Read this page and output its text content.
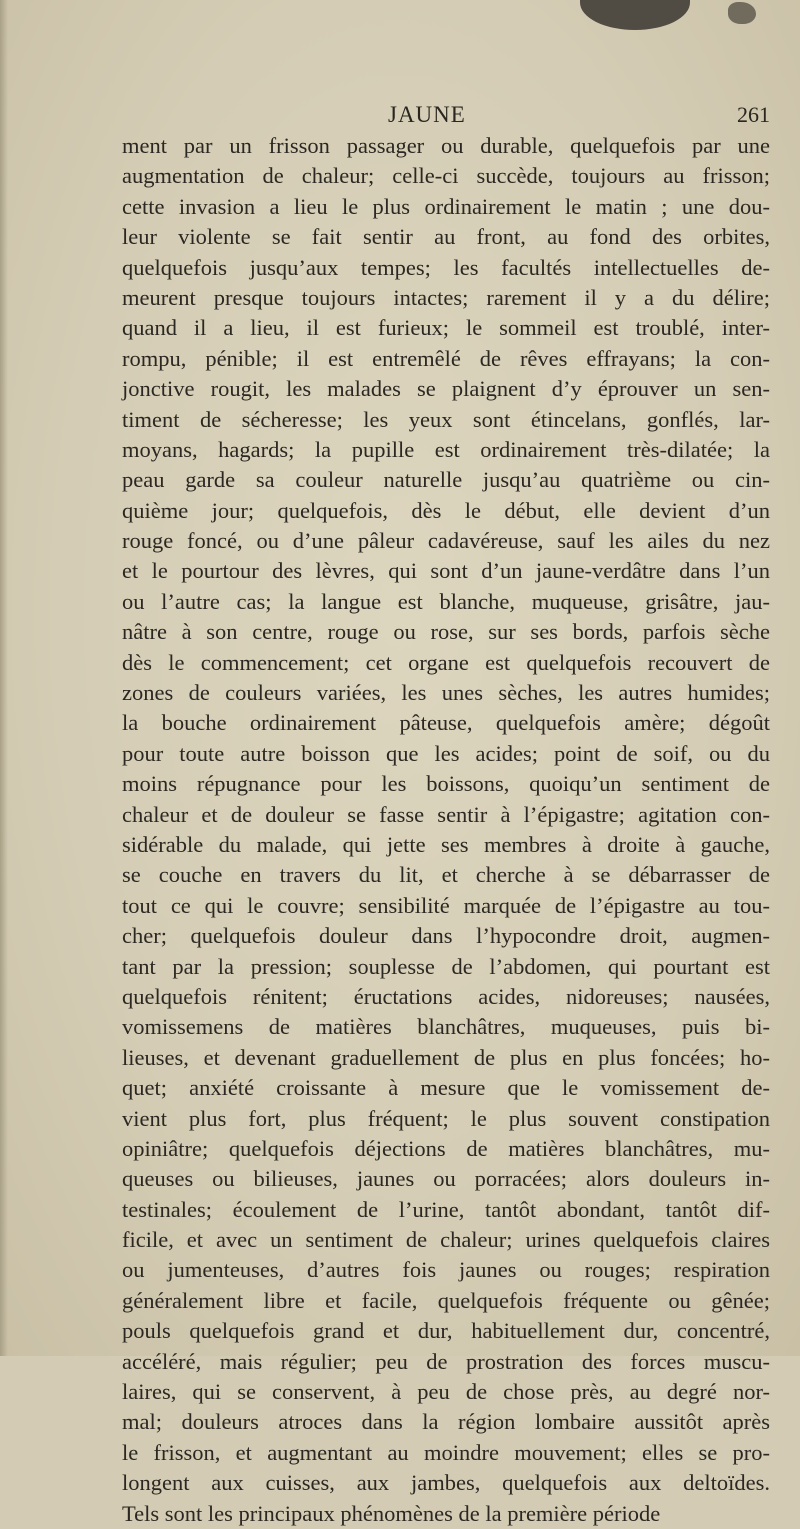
JAUNE	261
ment par un frisson passager ou durable, quelquefois par une
augmentation de chaleur; celle-ci succède, toujours au frisson;
cette invasion a lieu le plus ordinairement le matin ; une dou-
leur violente se fait sentir au front, au fond des orbites,
quelquefois jusqu’aux tempes; les facultés intellectuelles de-
meurent presque toujours intactes; rarement il y a du délire;
quand il a lieu, il est furieux; le sommeil est troublé, inter-
rompu, pénible; il est entremêlé de rêves effrayans; la con-
jonctive rougit, les malades se plaignent d’y éprouver un sen-
timent de sécheresse; les yeux sont étincelans, gonflés, lar-
moyans, hagards; la pupille est ordinairement très-dilatée; la
peau garde sa couleur naturelle jusqu’au quatrième ou cin-
quième jour; quelquefois, dès le début, elle devient d’un
rouge foncé, ou d’une pâleur cadavéreuse, sauf les ailes du nez
et le pourtour des lèvres, qui sont d’un jaune-verdâtre dans l’un
ou l’autre cas; la langue est blanche, muqueuse, grisâtre, jau-
nâtre à son centre, rouge ou rose, sur ses bords, parfois sèche
dès le commencement; cet organe est quelquefois recouvert de
zones de couleurs variées, les unes sèches, les autres humides;
la bouche ordinairement pâteuse, quelquefois amère; dégoût
pour toute autre boisson que les acides; point de soif, ou du
moins répugnance pour les boissons, quoiqu’un sentiment de
chaleur et de douleur se fasse sentir à l’épigastre; agitation con-
sidérable du malade, qui jette ses membres à droite à gauche,
se couche en travers du lit, et cherche à se débarrasser de
tout ce qui le couvre; sensibilité marquée de l’épigastre au tou-
cher; quelquefois douleur dans l’hypocondre droit, augmen-
tant par la pression; souplesse de l’abdomen, qui pourtant est
quelquefois rénitent; éructations acides, nidoreuses; nausées,
vomissemens de matières blanchâtres, muqueuses, puis bi-
lieuses, et devenant graduellement de plus en plus foncées; ho-
quet; anxiété croissante à mesure que le vomissement de-
vient plus fort, plus fréquent; le plus souvent constipation
opiniâtre; quelquefois déjections de matières blanchâtres, mu-
queuses ou bilieuses, jaunes ou porracées; alors douleurs in-
testinales; écoulement de l’urine, tantôt abondant, tantôt dif-
ficile, et avec un sentiment de chaleur; urines quelquefois claires
ou jumenteuses, d’autres fois jaunes ou rouges; respiration
généralement libre et facile, quelquefois fréquente ou gênée;
pouls quelquefois grand et dur, habituellement dur, concentré,
accéléré, mais régulier; peu de prostration des forces muscu-
laires, qui se conservent, à peu de chose près, au degré nor-
mal; douleurs atroces dans la région lombaire aussitôt après
le frisson, et augmentant au moindre mouvement; elles se pro-
longent aux cuisses, aux jambes, quelquefois aux deltoïdes.
Tels sont les principaux phénomènes de la première période
